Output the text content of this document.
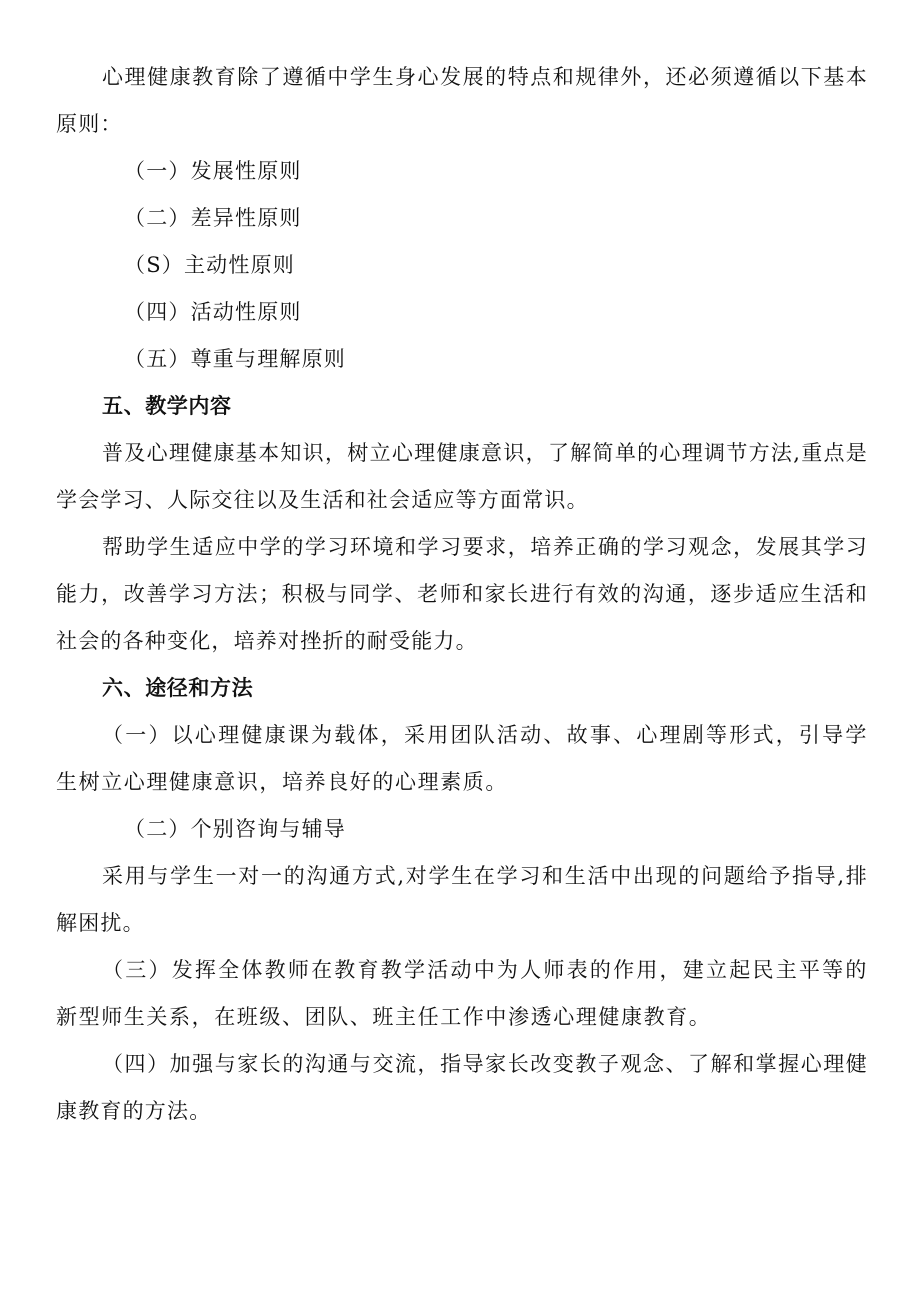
心理健康教育除了遵循中学生身心发展的特点和规律外，还必须遵循以下基本原则：

（一）发展性原则

（二）差异性原则

（S）主动性原则

（四）活动性原则

（五）尊重与理解原则

五、教学内容

普及心理健康基本知识，树立心理健康意识，了解简单的心理调节方法,重点是学会学习、人际交往以及生活和社会适应等方面常识。

帮助学生适应中学的学习环境和学习要求，培养正确的学习观念，发展其学习能力，改善学习方法；积极与同学、老师和家长进行有效的沟通，逐步适应生活和社会的各种变化，培养对挫折的耐受能力。

六、途径和方法

（一）以心理健康课为载体，采用团队活动、故事、心理剧等形式，引导学生树立心理健康意识，培养良好的心理素质。

（二）个别咨询与辅导

采用与学生一对一的沟通方式,对学生在学习和生活中出现的问题给予指导,排解困扰。

（三）发挥全体教师在教育教学活动中为人师表的作用，建立起民主平等的新型师生关系，在班级、团队、班主任工作中渗透心理健康教育。

（四）加强与家长的沟通与交流，指导家长改变教子观念、了解和掌握心理健康教育的方法。
